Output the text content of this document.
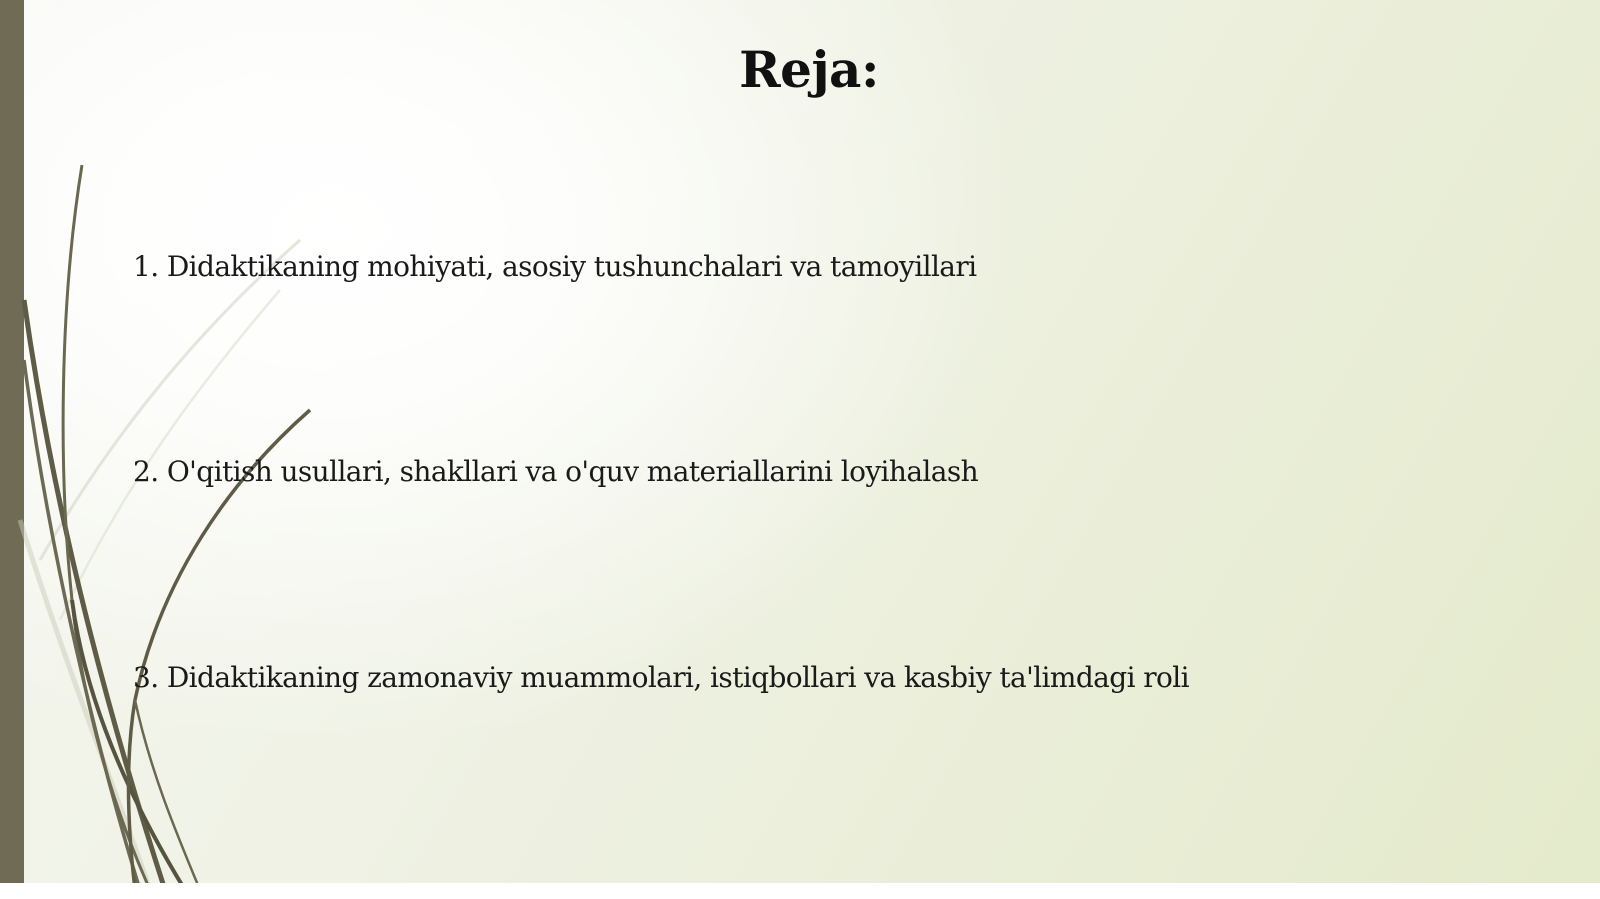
Reja:
1. Didaktikaning mohiyati, asosiy tushunchalari va tamoyillari
2. O'qitish usullari, shakllari va o'quv materiallarini loyihalash
3. Didaktikaning zamonaviy muammolari, istiqbollari va kasbiy ta'limdagi roli
